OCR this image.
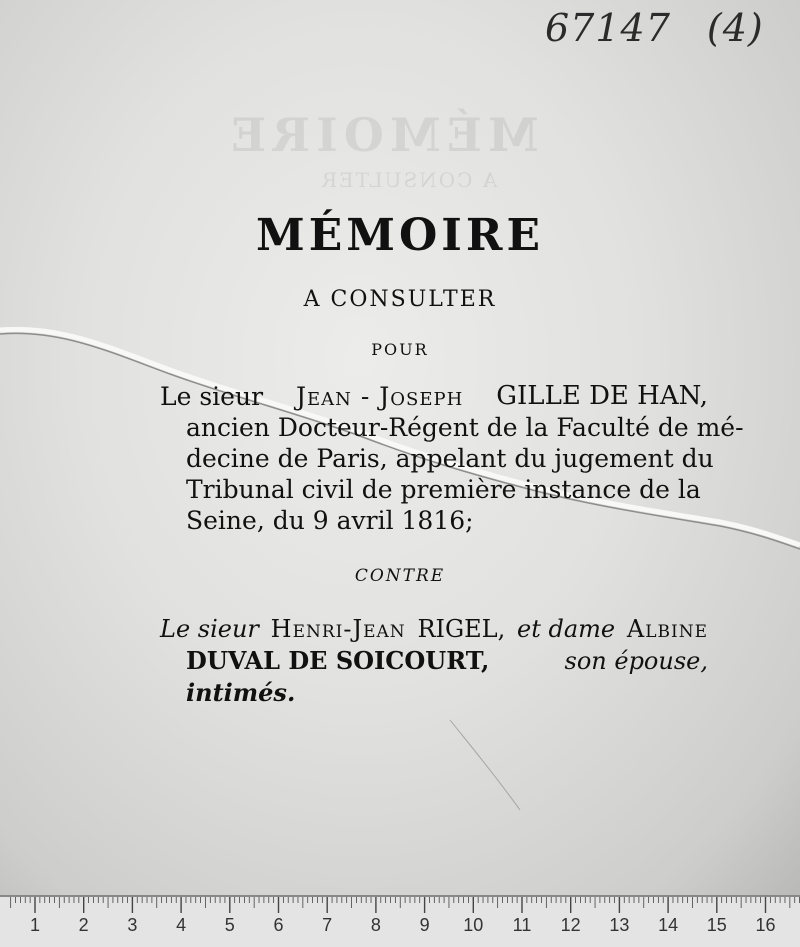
MÉMOIRE
A CONSULTER
67147 (4)
MÉMOIRE
A CONSULTER
POUR
Le sieur Jean - Joseph GILLE DE HAN,
ancien Docteur-Régent de la Faculté de mé-
decine de Paris, appelant du jugement du
Tribunal civil de première instance de la
Seine, du 9 avril 1816;
CONTRE
Le sieur Henri-Jean RIGEL, et dame Albine
DUVAL DE SOICOURT,	son épouse,
intimés.
1 2 3 4 5 6 7 8 9 10 11 12 13 14 15 16
